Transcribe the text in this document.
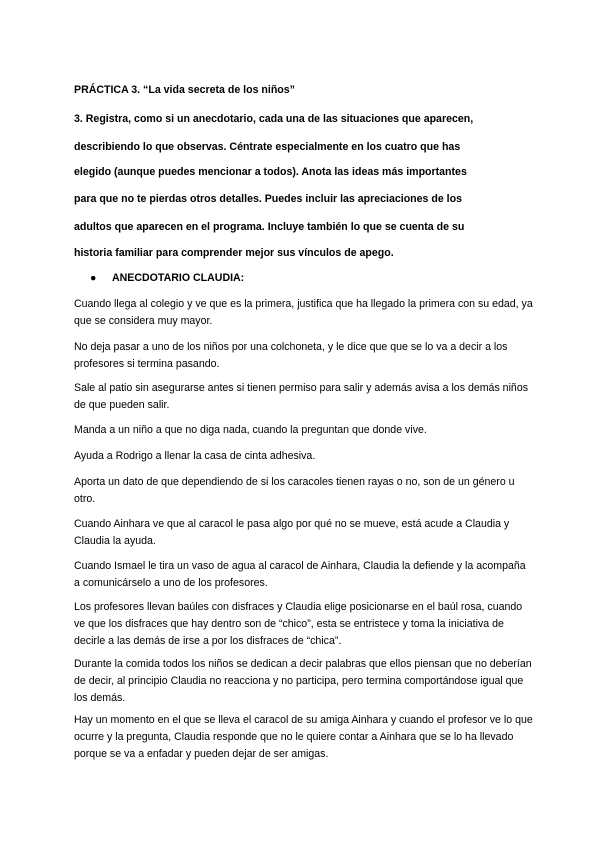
PRÁCTICA 3. “La vida secreta de los niños”
3. Registra, como si un anecdotario, cada una de las situaciones que aparecen,
describiendo lo que observas. Céntrate especialmente en los cuatro que has
elegido (aunque puedes mencionar a todos). Anota las ideas más importantes
para que no te pierdas otros detalles. Puedes incluir las apreciaciones de los
adultos que aparecen en el programa. Incluye también lo que se cuenta de su
historia familiar para comprender mejor sus vínculos de apego.
● ANECDOTARIO CLAUDIA:

Cuando llega al colegio y ve que es la primera, justifica que ha llegado la primera con su edad, ya que se considera muy mayor.

No deja pasar a uno de los niños por una colchoneta, y le dice que que se lo va a decir a los profesores si termina pasando.

Sale al patio sin asegurarse antes si tienen permiso para salir y además avisa a los demás niños de que pueden salir.

Manda a un niño a que no diga nada, cuando la preguntan que donde vive.

Ayuda a Rodrigo a llenar la casa de cinta adhesiva.

Aporta un dato de que dependiendo de si los caracoles tienen rayas o no, son de un género u otro.

Cuando Ainhara ve que al caracol le pasa algo por qué no se mueve, está acude a Claudia y Claudia la ayuda.

Cuando Ismael le tira un vaso de agua al caracol de Ainhara, Claudia la defiende y la acompaña a comunicárselo a uno de los profesores.

Los profesores llevan baúles con disfraces y Claudia elige posicionarse en el baúl rosa, cuando ve que los disfraces que hay dentro son de “chico”, esta se entristece y toma la iniciativa de decirle a las demás de irse a por los disfraces de “chica”.

Durante la comida todos los niños se dedican a decir palabras que ellos piensan que no deberían de decir, al principio Claudia no reacciona y no participa, pero termina comportándose igual que los demás.

Hay un momento en el que se lleva el caracol de su amiga Ainhara y cuando el profesor ve lo que ocurre y la pregunta, Claudia responde que no le quiere contar a Ainhara que se lo ha llevado porque se va a enfadar y pueden dejar de ser amigas.
